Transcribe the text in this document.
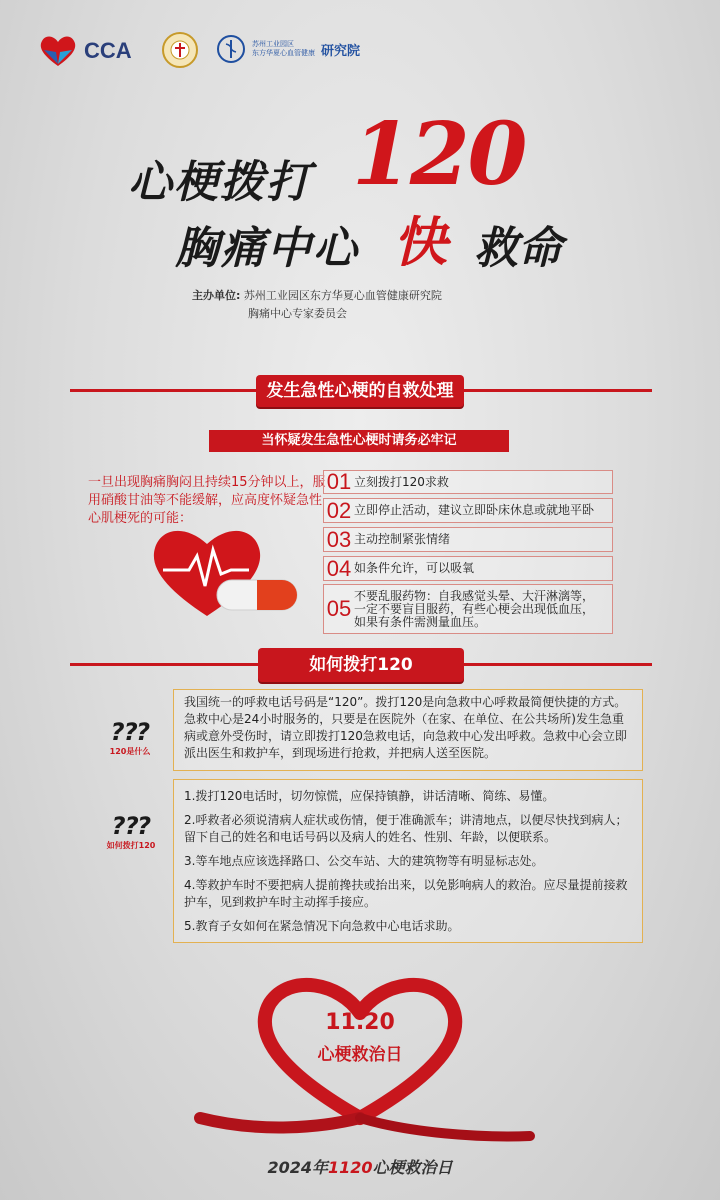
CCA	苏州工业园区
东方华夏心血管健康 研究院
心梗拨打 120
胸痛中心 快 救命
主办单位: 苏州工业园区东方华夏心血管健康研究院
胸痛中心专家委员会
发生急性心梗的自救处理
当怀疑发生急性心梗时请务必牢记
一旦出现胸痛胸闷且持续15分钟以上，服用硝酸甘油等不能缓解，应高度怀疑急性心肌梗死的可能：
01 立刻拨打120求救
02 立即停止活动，建议立即卧床休息或就地平卧
03 主动控制紧张情绪
04 如条件允许，可以吸氧
05
不要乱服药物：自我感觉头晕、大汗淋漓等，一定不要盲目服药，有些心梗会出现低血压，如果有条件需测量血压。
如何拨打120
?⁇
120是什么
我国统一的呼救电话号码是“120”。拨打120是向急救中心呼救最简便快捷的方式。急救中心是24小时服务的，只要是在医院外（在家、在单位、在公共场所)发生急重病或意外受伤时，请立即拨打120急救电话，向急救中心发出呼救。急救中心会立即派出医生和救护车，到现场进行抢救，并把病人送至医院。
?⁇
如何拨打120
1.拨打120电话时，切勿惊慌，应保持镇静，讲话清晰、简练、易懂。
2.呼救者必须说清病人症状或伤情，便于准确派车；讲清地点，以便尽快找到病人；留下自己的姓名和电话号码以及病人的姓名、性别、年龄，以便联系。
3.等车地点应该选择路口、公交车站、大的建筑物等有明显标志处。
4.等救护车时不要把病人提前搀扶或抬出来，以免影响病人的救治。应尽量提前接救护车，见到救护车时主动挥手接应。
5.教育子女如何在紧急情况下向急救中心电话求助。
11.20
心梗救治日
2024年1120心梗救治日
